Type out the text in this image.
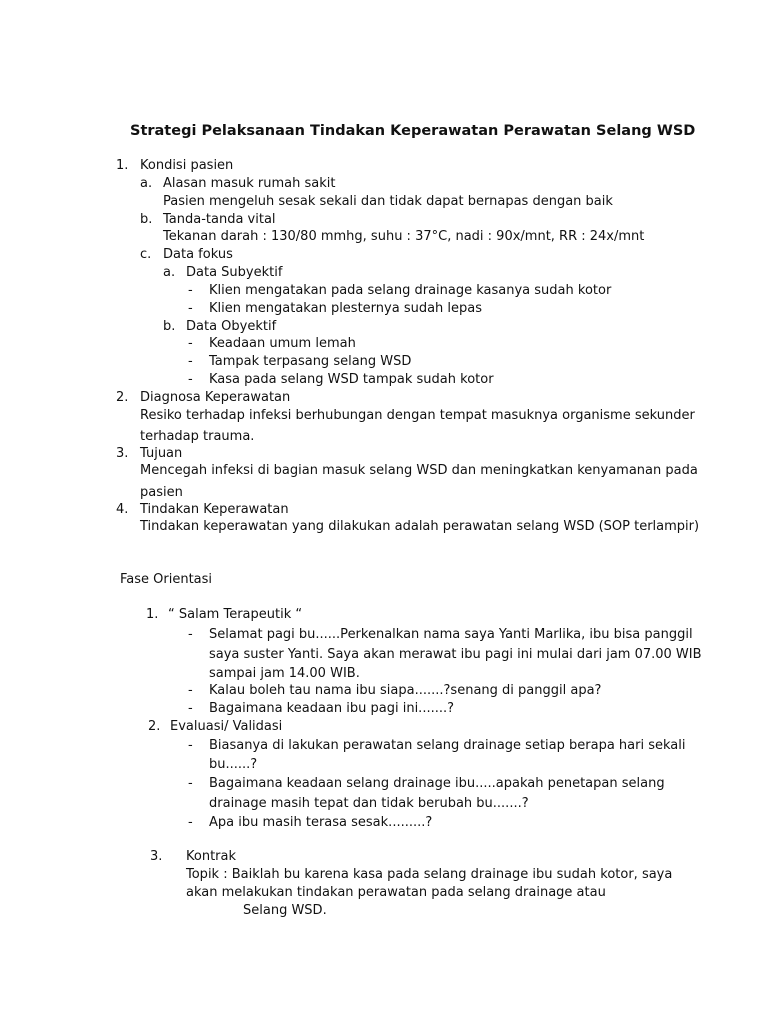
Strategi Pelaksanaan Tindakan Keperawatan Perawatan Selang WSD
1. Kondisi pasien
a. Alasan masuk rumah sakit
Pasien mengeluh sesak sekali dan tidak dapat bernapas dengan baik
b. Tanda-tanda vital
Tekanan darah : 130/80 mmhg, suhu : 37°C, nadi : 90x/mnt, RR : 24x/mnt
c. Data fokus
a. Data Subyektif
- Klien mengatakan pada selang drainage kasanya sudah kotor
- Klien mengatakan plesternya sudah lepas
b. Data Obyektif
- Keadaan umum lemah
- Tampak terpasang selang WSD
- Kasa pada selang WSD tampak sudah kotor
2. Diagnosa Keperawatan
Resiko terhadap infeksi berhubungan dengan tempat masuknya organisme sekunder
terhadap trauma.
3. Tujuan
Mencegah infeksi di bagian masuk selang WSD dan meningkatkan kenyamanan pada
pasien
4. Tindakan Keperawatan
Tindakan keperawatan yang dilakukan adalah perawatan selang WSD (SOP terlampir)
Fase Orientasi
1. “ Salam Terapeutik “
- Selamat pagi bu......Perkenalkan nama saya Yanti Marlika, ibu bisa panggil
saya suster Yanti. Saya akan merawat ibu pagi ini mulai dari jam 07.00 WIB
sampai jam 14.00 WIB.
- Kalau boleh tau nama ibu siapa.......?senang di panggil apa?
- Bagaimana keadaan ibu pagi ini.......?
2. Evaluasi/ Validasi
- Biasanya di lakukan perawatan selang drainage setiap berapa hari sekali
bu......?
- Bagaimana keadaan selang drainage ibu.....apakah penetapan selang
drainage masih tepat dan tidak berubah bu.......?
- Apa ibu masih terasa sesak.........?
3. Kontrak
Topik : Baiklah bu karena kasa pada selang drainage ibu sudah kotor, saya
akan melakukan tindakan perawatan pada selang drainage atau
Selang WSD.
